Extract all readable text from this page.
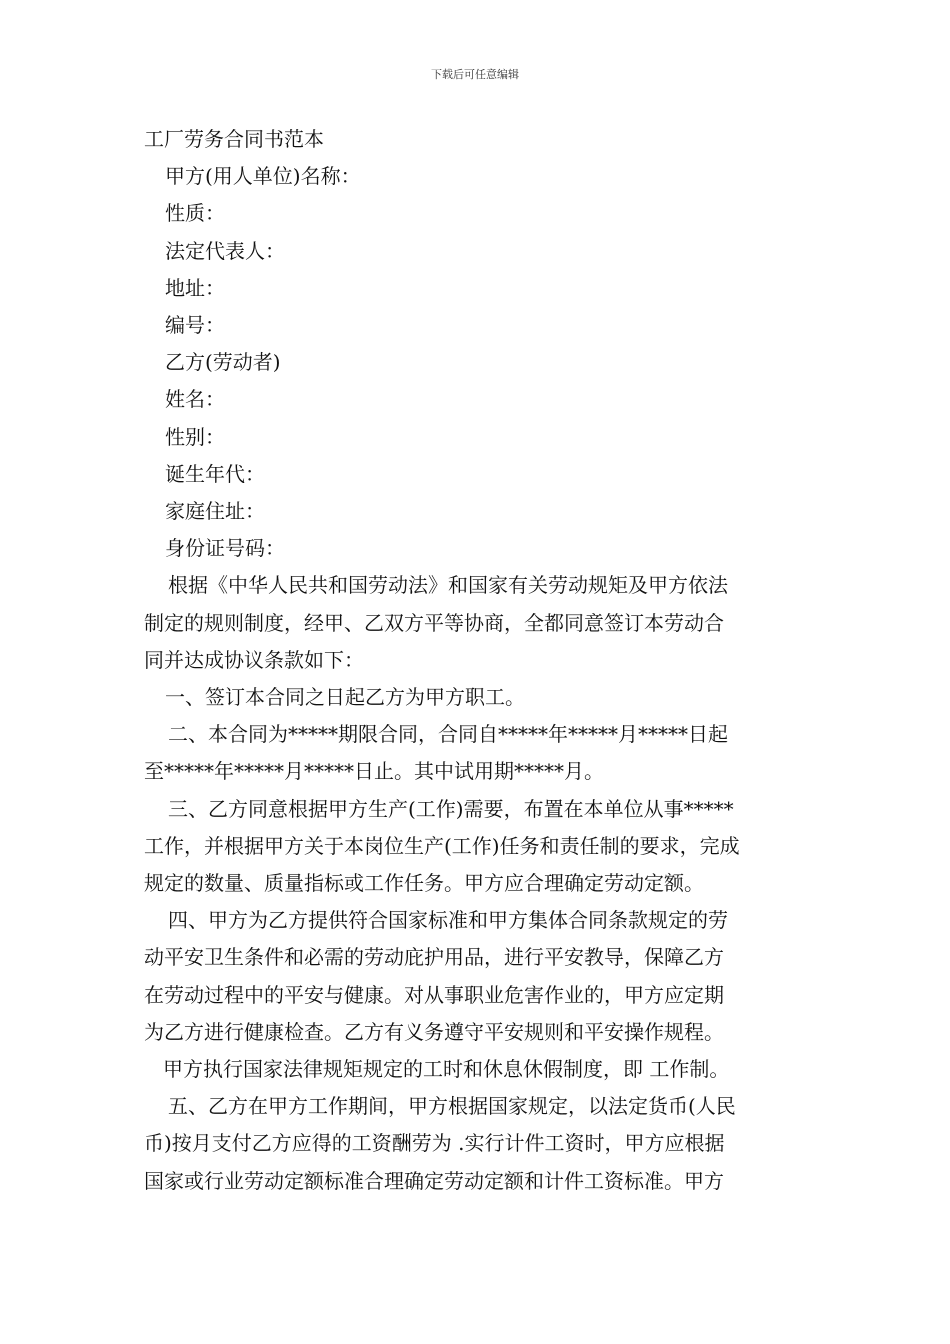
下载后可任意编辑
工厂劳务合同书范本
甲方(用人单位)名称：
性质：
法定代表人：
地址：
编号：
乙方(劳动者)
姓名：
性别：
诞生年代：
家庭住址：
身份证号码：
根据《中华人民共和国劳动法》和国家有关劳动规矩及甲方依法
制定的规则制度，经甲、乙双方平等协商，全都同意签订本劳动合
同并达成协议条款如下：
一、签订本合同之日起乙方为甲方职工。
二、本合同为*****期限合同，合同自*****年*****月*****日起
至*****年*****月*****日止。其中试用期*****月。
三、乙方同意根据甲方生产(工作)需要，布置在本单位从事*****
工作，并根据甲方关于本岗位生产(工作)任务和责任制的要求，完成
规定的数量、质量指标或工作任务。甲方应合理确定劳动定额。
四、甲方为乙方提供符合国家标准和甲方集体合同条款规定的劳
动平安卫生条件和必需的劳动庇护用品，进行平安教导，保障乙方
在劳动过程中的平安与健康。对从事职业危害作业的，甲方应定期
为乙方进行健康检查。乙方有义务遵守平安规则和平安操作规程。
甲方执行国家法律规矩规定的工时和休息休假制度，即 工作制。
五、乙方在甲方工作期间，甲方根据国家规定，以法定货币(人民
币)按月支付乙方应得的工资酬劳为 .实行计件工资时，甲方应根据
国家或行业劳动定额标准合理确定劳动定额和计件工资标准。甲方
